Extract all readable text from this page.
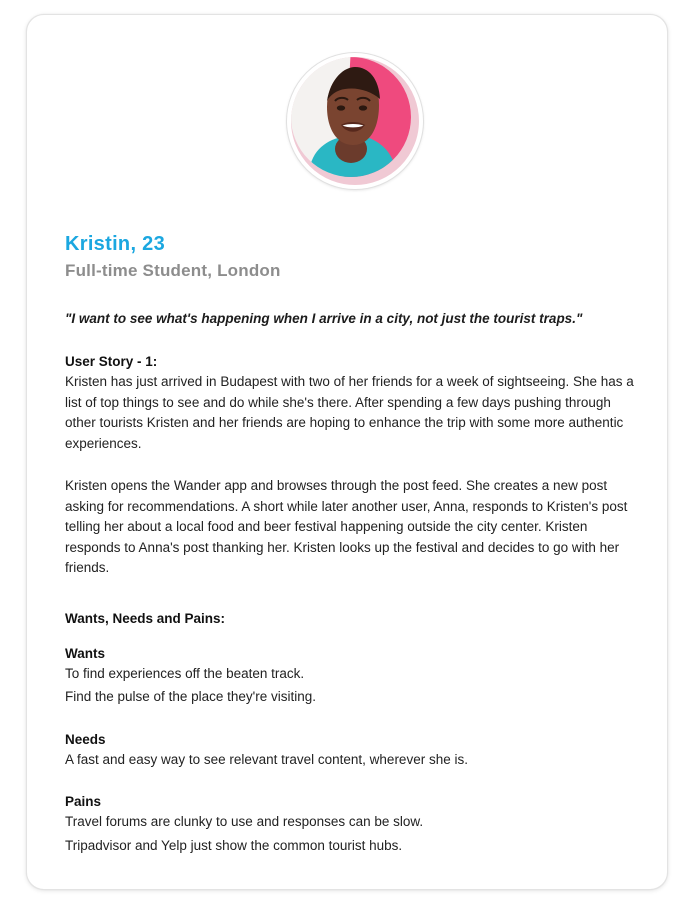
Kristin, 23
Full-time Student, London
"I want to see what's happening when I arrive in a city, not just the tourist traps."
User Story - 1:
Kristen has just arrived in Budapest with two of her friends for a week of sightseeing. She has a list of top things to see and do while she's there. After spending a few days pushing through other tourists Kristen and her friends are hoping to enhance the trip with some more authentic experiences.
Kristen opens the Wander app and browses through the post feed. She creates a new post asking for recommendations. A short while later another user, Anna, responds to Kristen's post telling her about a local food and beer festival happening outside the city center. Kristen responds to Anna's post thanking her. Kristen looks up the festival and decides to go with her friends.
Wants, Needs and Pains:
Wants
To find experiences off the beaten track.
Find the pulse of the place they're visiting.
Needs
A fast and easy way to see relevant travel content, wherever she is.
Pains
Travel forums are clunky to use and responses can be slow.
Tripadvisor and Yelp just show the common tourist hubs.
